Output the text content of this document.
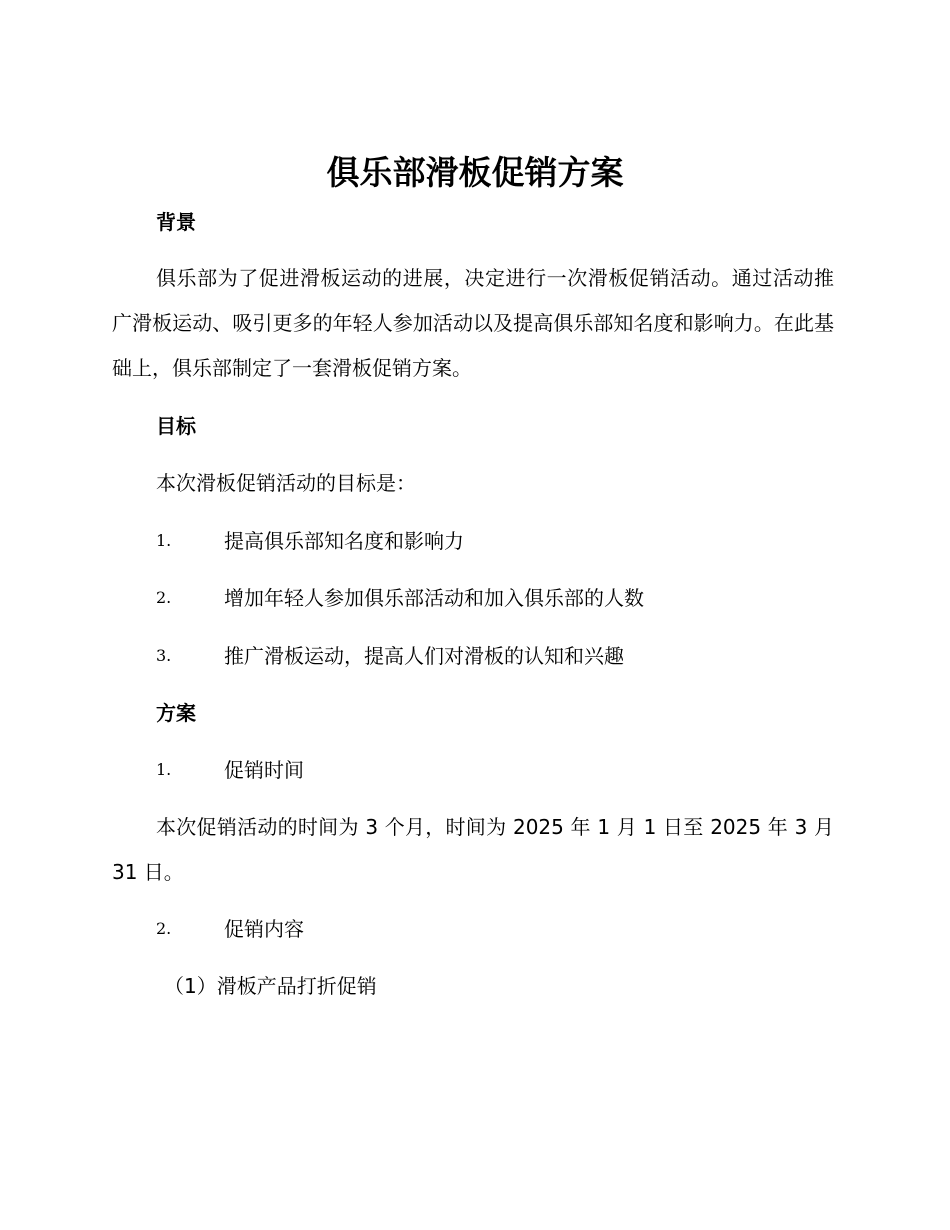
俱乐部滑板促销方案
背景

俱乐部为了促进滑板运动的进展，决定进行一次滑板促销活动。通过活动推广滑板运动、吸引更多的年轻人参加活动以及提高俱乐部知名度和影响力。在此基础上，俱乐部制定了一套滑板促销方案。

目标
本次滑板促销活动的目标是：
1.	提高俱乐部知名度和影响力
2.	增加年轻人参加俱乐部活动和加入俱乐部的人数
3.	推广滑板运动，提高人们对滑板的认知和兴趣
方案
1.	促销时间

本次促销活动的时间为 3 个月，时间为 2025 年 1 月 1 日至 2025 年 3 月 31 日。

2.	促销内容
（1）滑板产品打折促销
